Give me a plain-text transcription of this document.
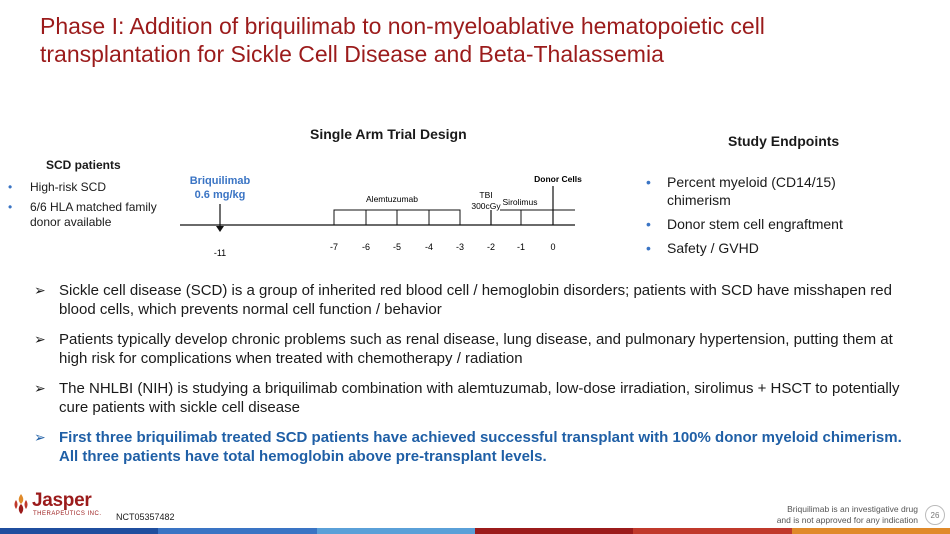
Phase I: Addition of briquilimab to non-myeloablative hematopoietic cell transplantation for Sickle Cell Disease and Beta-Thalassemia
Single Arm Trial Design	Study Endpoints
SCD patients
• High-risk SCD
• 6/6 HLA matched family donor available
Briquilimab
0.6 mg/kg
-11
Alemtuzumab	TBI
300cGy Sirolimus
Donor Cells
-7	-6	-5	-4	-3	-2 -1	0
• Percent myeloid (CD14/15) chimerism
• Donor stem cell engraftment
• Safety / GVHD
➢ Sickle cell disease (SCD) is a group of inherited red blood cell / hemoglobin disorders; patients with SCD have misshapen red blood cells, which prevents normal cell function / behavior
➢ Patients typically develop chronic problems such as renal disease, lung disease, and pulmonary hypertension, putting them at high risk for complications when treated with chemotherapy / radiation
➢ The NHLBI (NIH) is studying a briquilimab combination with alemtuzumab, low-dose irradiation, sirolimus + HSCT to potentially cure patients with sickle cell disease
➢ First three briquilimab treated SCD patients have achieved successful transplant with 100% donor myeloid chimerism. All three patients have total hemoglobin above pre-transplant levels.
Jasper
THERAPEUTICS INC. NCT05357482
Briquilimab is an investigative drug
and is not approved for any indication	26
